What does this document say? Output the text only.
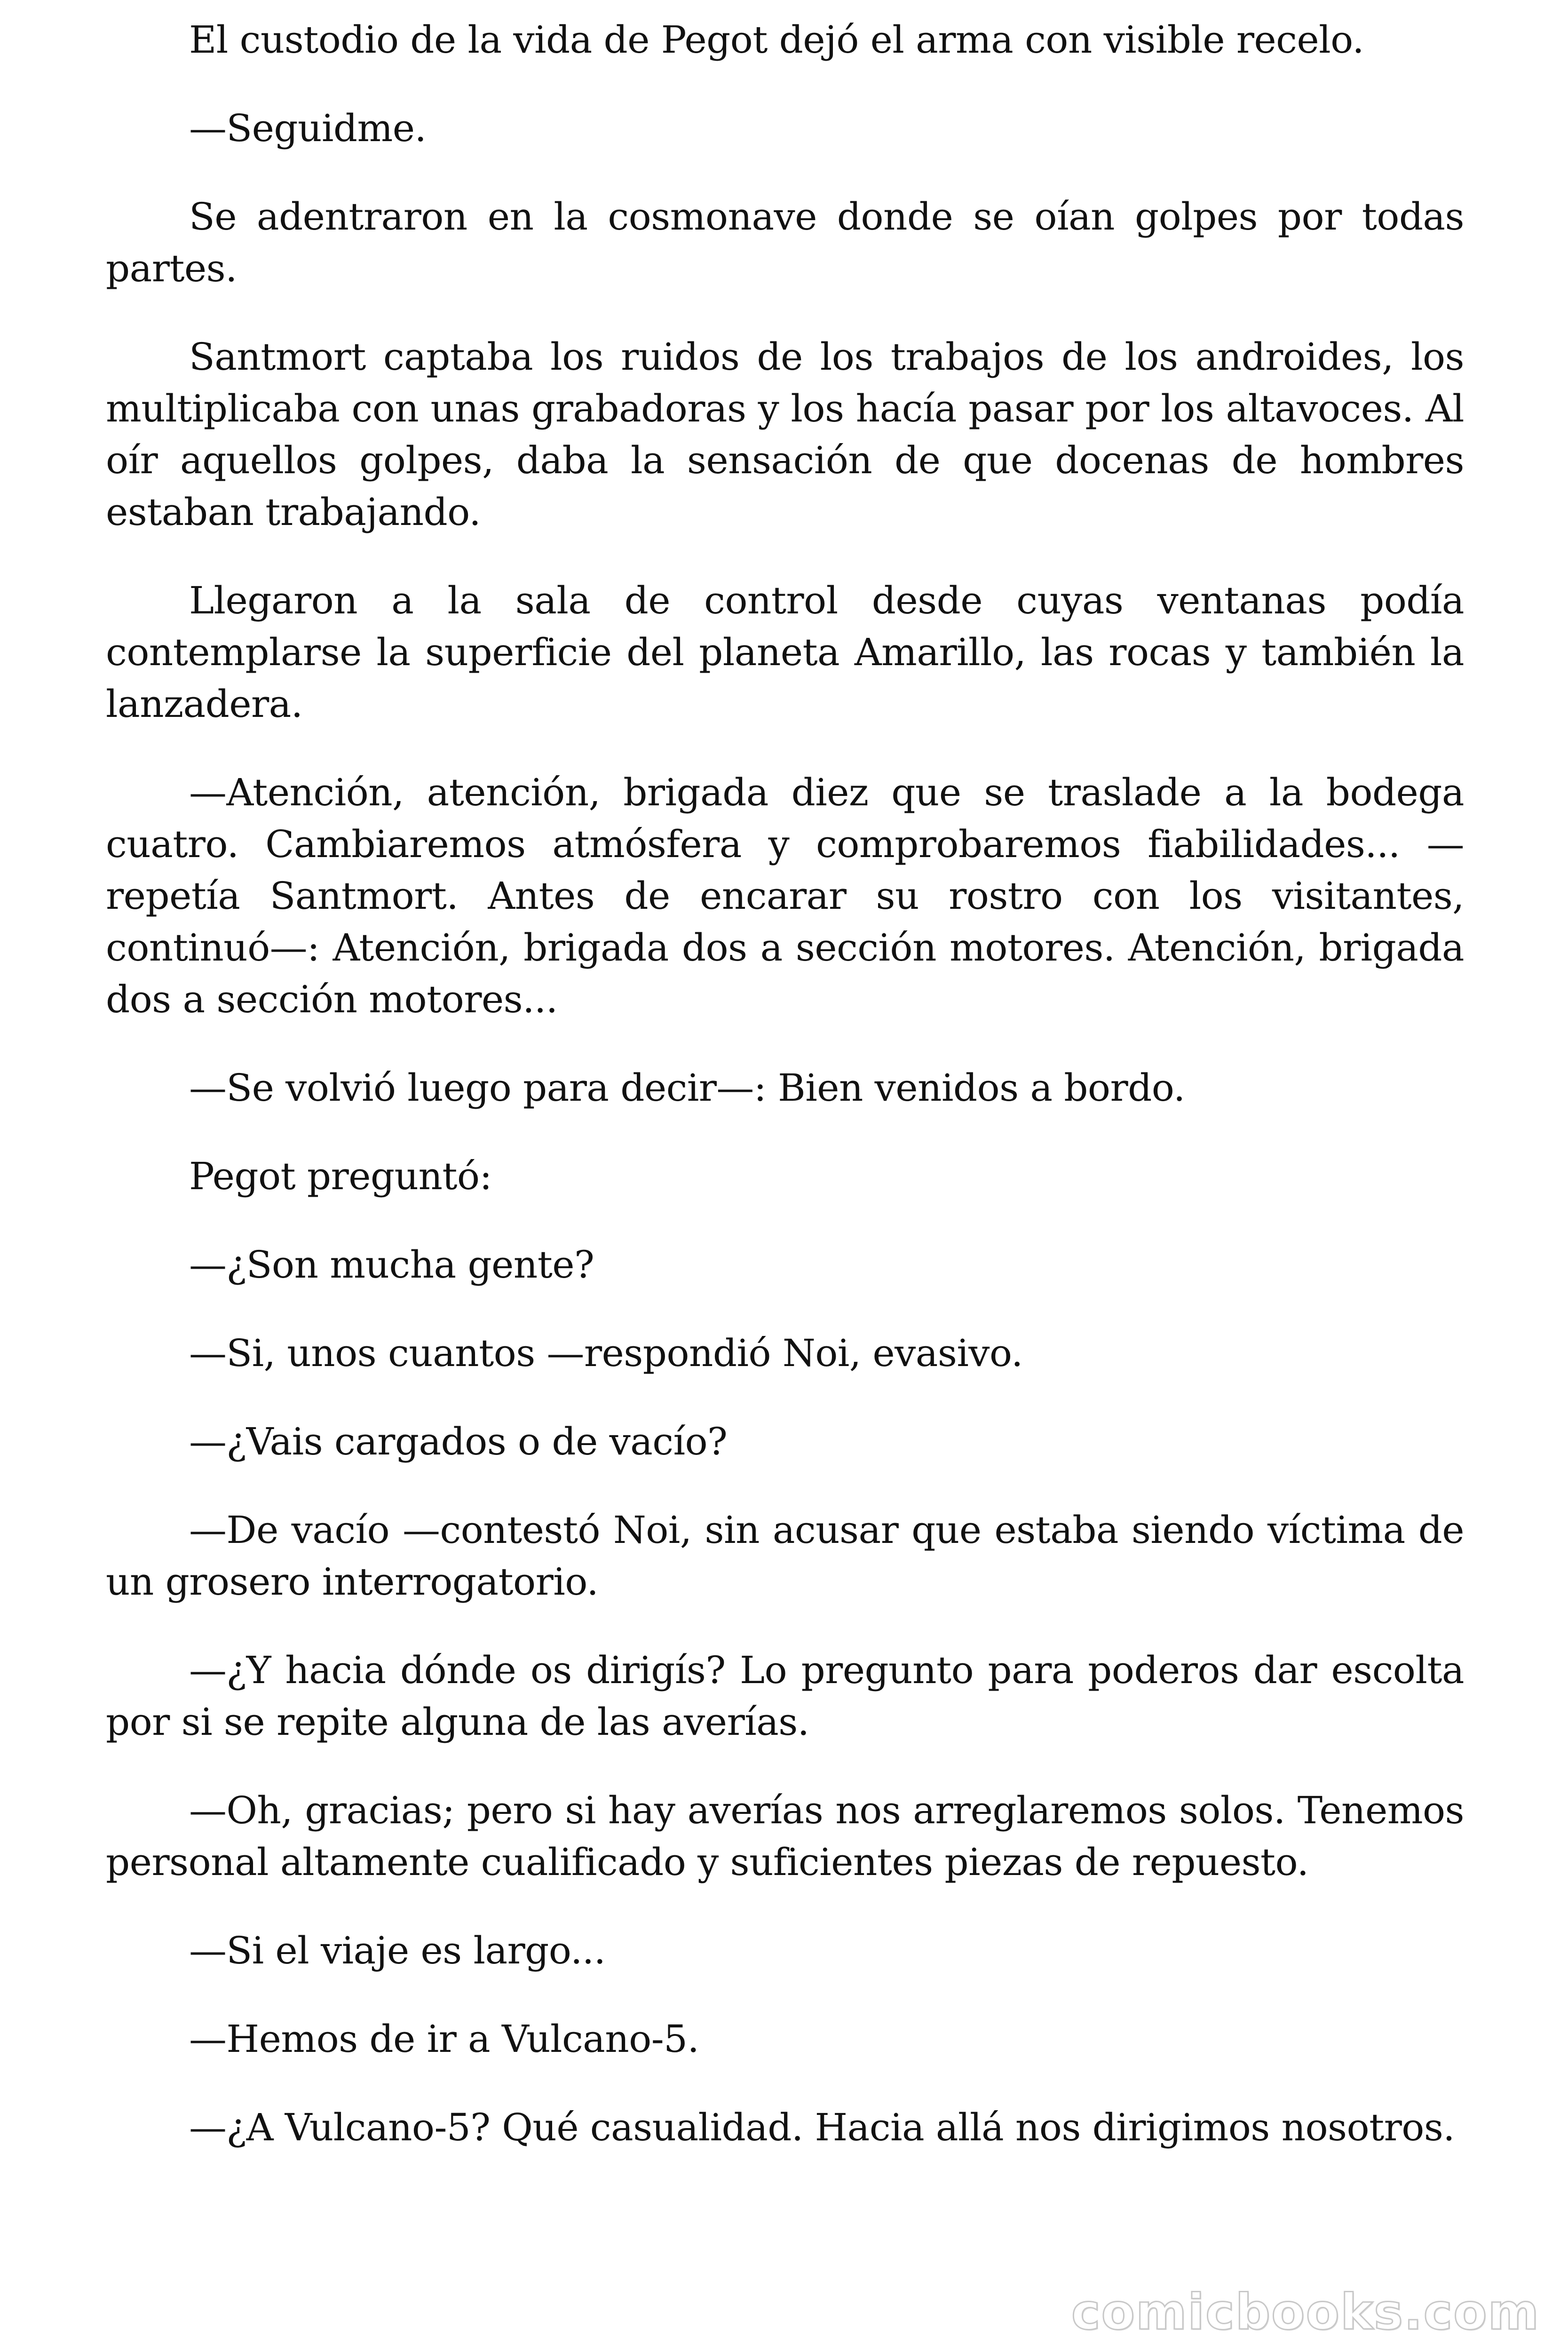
El custodio de la vida de Pegot dejó el arma con visible recelo.

—Seguidme.

Se adentraron en la cosmonave donde se oían golpes por todas partes.

Santmort captaba los ruidos de los trabajos de los androides, los multiplicaba con unas grabadoras y los hacía pasar por los altavoces. Al oír aquellos golpes, daba la sensación de que docenas de hombres estaban trabajando.

Llegaron a la sala de control desde cuyas ventanas podía contemplarse la superficie del planeta Amarillo, las rocas y también la lanzadera.

—Atención, atención, brigada diez que se traslade a la bodega cuatro. Cambiaremos atmósfera y comprobaremos fiabilidades... —repetía Santmort. Antes de encarar su rostro con los visitantes, continuó—: Atención, brigada dos a sección motores. Atención, brigada dos a sección motores...

—Se volvió luego para decir—: Bien venidos a bordo.

Pegot preguntó:

—¿Son mucha gente?

—Si, unos cuantos —respondió Noi, evasivo.

—¿Vais cargados o de vacío?

—De vacío —contestó Noi, sin acusar que estaba siendo víctima de un grosero interrogatorio.

—¿Y hacia dónde os dirigís? Lo pregunto para poderos dar escolta por si se repite alguna de las averías.

—Oh, gracias; pero si hay averías nos arreglaremos solos. Tenemos personal altamente cualificado y suficientes piezas de repuesto.

—Si el viaje es largo...

—Hemos de ir a Vulcano-5.

—¿A Vulcano-5? Qué casualidad. Hacia allá nos dirigimos nosotros.

comicbooks.com
